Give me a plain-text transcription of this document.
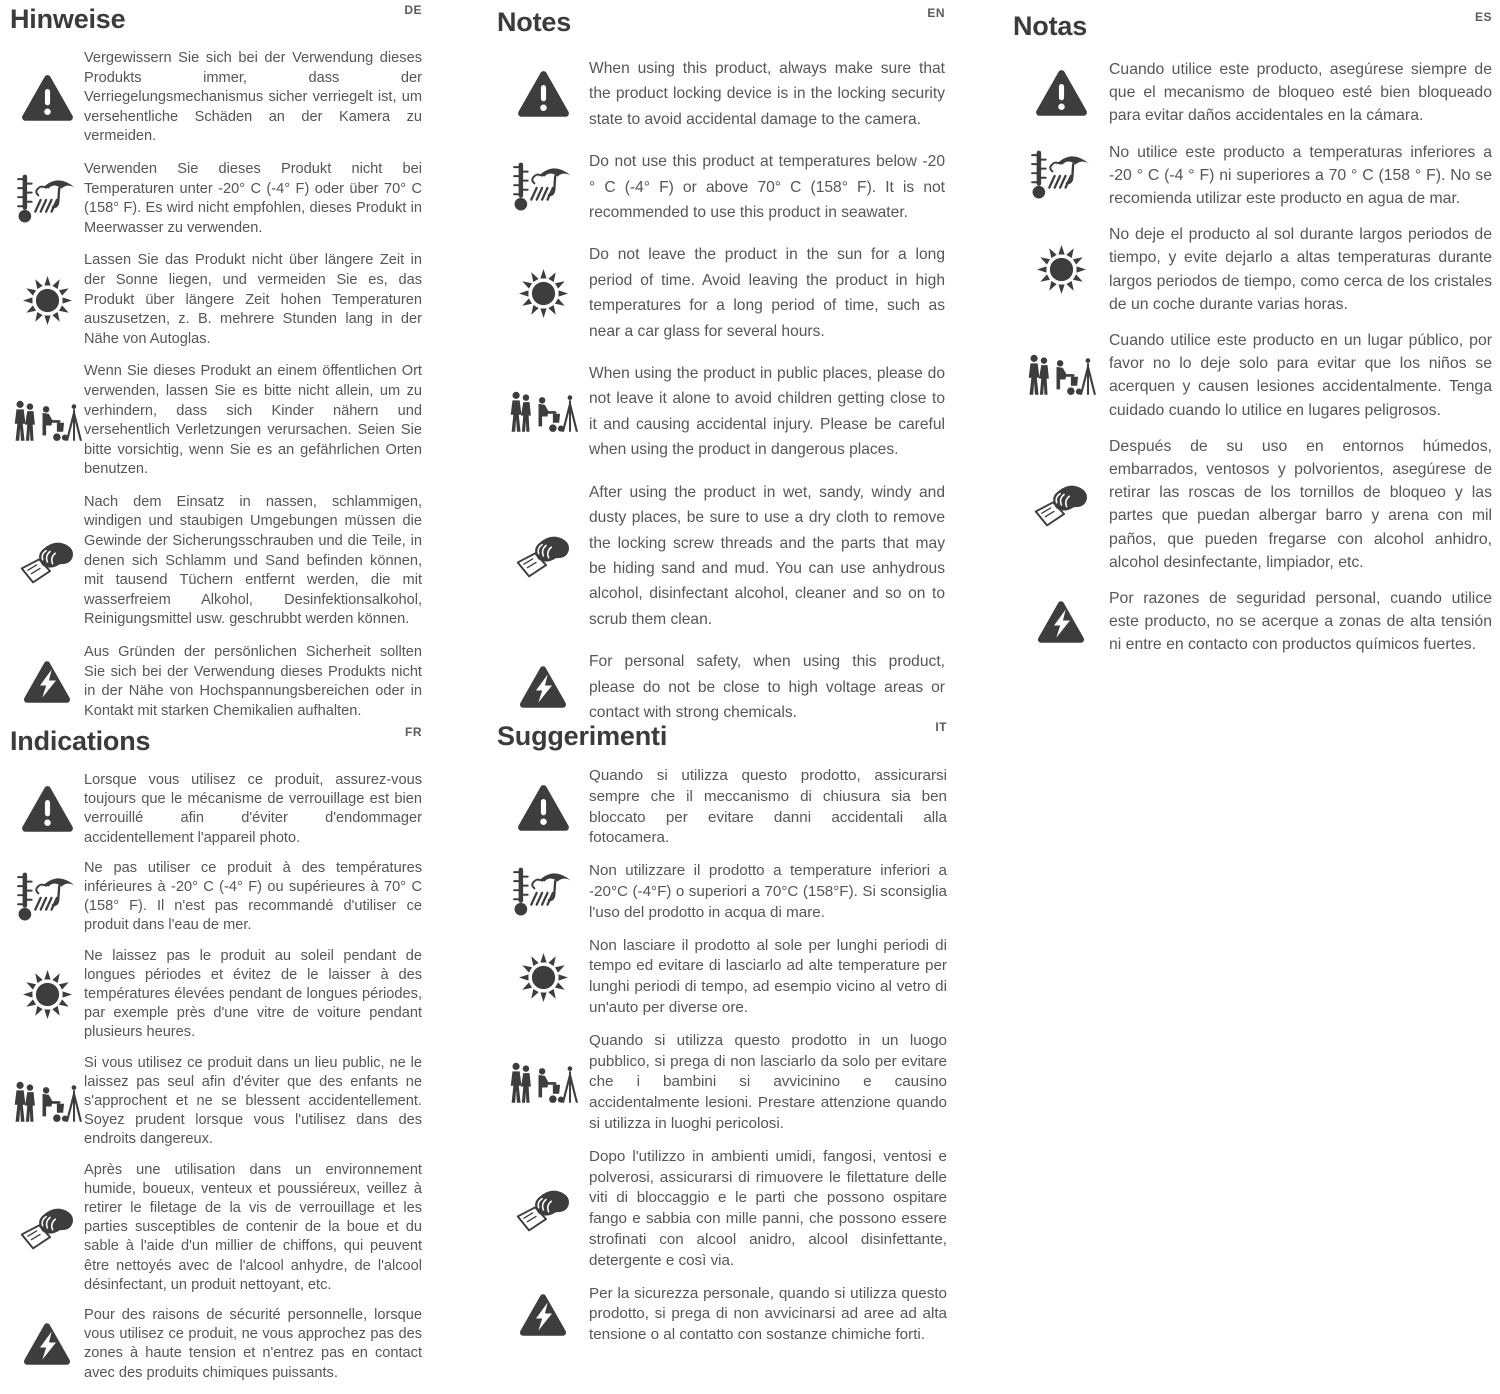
Hinweise	DE

Vergewissern Sie sich bei der Verwendung dieses Produkts immer, dass der Verriegelungsmechanismus sicher verriegelt ist, um versehentliche Schäden an der Kamera zu vermeiden.

Verwenden Sie dieses Produkt nicht bei Temperaturen unter -20° C (-4° F) oder über 70° C (158° F). Es wird nicht empfohlen, dieses Produkt in Meerwasser zu verwenden.

Lassen Sie das Produkt nicht über längere Zeit in der Sonne liegen, und vermeiden Sie es, das Produkt über längere Zeit hohen Temperaturen auszusetzen, z. B. mehrere Stunden lang in der Nähe von Autoglas.

Wenn Sie dieses Produkt an einem öffentlichen Ort verwenden, lassen Sie es bitte nicht allein, um zu verhindern, dass sich Kinder nähern und versehentlich Verletzungen verursachen. Seien Sie bitte vorsichtig, wenn Sie es an gefährlichen Orten benutzen.

Nach dem Einsatz in nassen, schlammigen, windigen und staubigen Umgebungen müssen die Gewinde der Sicherungsschrauben und die Teile, in denen sich Schlamm und Sand befinden können, mit tausend Tüchern entfernt werden, die mit wasserfreiem Alkohol, Desinfektionsalkohol, Reinigungsmittel usw. geschrubbt werden können.

Aus Gründen der persönlichen Sicherheit sollten Sie sich bei der Verwendung dieses Produkts nicht in der Nähe von Hochspannungsbereichen oder in Kontakt mit starken Chemikalien aufhalten.

Notes	EN

When using this product, always make sure that the product locking device is in the locking security state to avoid accidental damage to the camera.

Do not use this product at temperatures below -20 ° C (-4° F) or above 70° C (158° F). It is not recommended to use this product in seawater.

Do not leave the product in the sun for a long period of time. Avoid leaving the product in high temperatures for a long period of time, such as near a car glass for several hours.

When using the product in public places, please do not leave it alone to avoid children getting close to it and causing accidental injury. Please be careful when using the product in dangerous places.

After using the product in wet, sandy, windy and dusty places, be sure to use a dry cloth to remove the locking screw threads and the parts that may be hiding sand and mud. You can use anhydrous alcohol, disinfectant alcohol, cleaner and so on to scrub them clean.

For personal safety, when using this product, please do not be close to high voltage areas or contact with strong chemicals.

Notas	ES

Cuando utilice este producto, asegúrese siempre de que el mecanismo de bloqueo esté bien bloqueado para evitar daños accidentales en la cámara.

No utilice este producto a temperaturas inferiores a -20 ° C (-4 ° F) ni superiores a 70 ° C (158 ° F). No se recomienda utilizar este producto en agua de mar.

No deje el producto al sol durante largos periodos de tiempo, y evite dejarlo a altas temperaturas durante largos periodos de tiempo, como cerca de los cristales de un coche durante varias horas.

Cuando utilice este producto en un lugar público, por favor no lo deje solo para evitar que los niños se acerquen y causen lesiones accidentalmente. Tenga cuidado cuando lo utilice en lugares peligrosos.

Después de su uso en entornos húmedos, embarrados, ventosos y polvorientos, asegúrese de retirar las roscas de los tornillos de bloqueo y las partes que puedan albergar barro y arena con mil paños, que pueden fregarse con alcohol anhidro, alcohol desinfectante, limpiador, etc.

Por razones de seguridad personal, cuando utilice este producto, no se acerque a zonas de alta tensión ni entre en contacto con productos químicos fuertes.

Indications	FR

Lorsque vous utilisez ce produit, assurez-vous toujours que le mécanisme de verrouillage est bien verrouillé afin d'éviter d'endommager accidentellement l'appareil photo.

Ne pas utiliser ce produit à des températures inférieures à -20° C (-4° F) ou supérieures à 70° C (158° F). Il n'est pas recommandé d'utiliser ce produit dans l'eau de mer.

Ne laissez pas le produit au soleil pendant de longues périodes et évitez de le laisser à des températures élevées pendant de longues périodes, par exemple près d'une vitre de voiture pendant plusieurs heures.

Si vous utilisez ce produit dans un lieu public, ne le laissez pas seul afin d'éviter que des enfants ne s'approchent et ne se blessent accidentellement. Soyez prudent lorsque vous l'utilisez dans des endroits dangereux.

Après une utilisation dans un environnement humide, boueux, venteux et poussiéreux, veillez à retirer le filetage de la vis de verrouillage et les parties susceptibles de contenir de la boue et du sable à l'aide d'un millier de chiffons, qui peuvent être nettoyés avec de l'alcool anhydre, de l'alcool désinfectant, un produit nettoyant, etc.

Pour des raisons de sécurité personnelle, lorsque vous utilisez ce produit, ne vous approchez pas des zones à haute tension et n'entrez pas en contact avec des produits chimiques puissants.

Suggerimenti	IT

Quando si utilizza questo prodotto, assicurarsi sempre che il meccanismo di chiusura sia ben bloccato per evitare danni accidentali alla fotocamera.

Non utilizzare il prodotto a temperature inferiori a -20°C (-4°F) o superiori a 70°C (158°F). Si sconsiglia l'uso del prodotto in acqua di mare.

Non lasciare il prodotto al sole per lunghi periodi di tempo ed evitare di lasciarlo ad alte temperature per lunghi periodi di tempo, ad esempio vicino al vetro di un'auto per diverse ore.

Quando si utilizza questo prodotto in un luogo pubblico, si prega di non lasciarlo da solo per evitare che i bambini si avvicinino e causino accidentalmente lesioni. Prestare attenzione quando si utilizza in luoghi pericolosi.

Dopo l'utilizzo in ambienti umidi, fangosi, ventosi e polverosi, assicurarsi di rimuovere le filettature delle viti di bloccaggio e le parti che possono ospitare fango e sabbia con mille panni, che possono essere strofinati con alcool anidro, alcool disinfettante, detergente e così via.

Per la sicurezza personale, quando si utilizza questo prodotto, si prega di non avvicinarsi ad aree ad alta tensione o al contatto con sostanze chimiche forti.
